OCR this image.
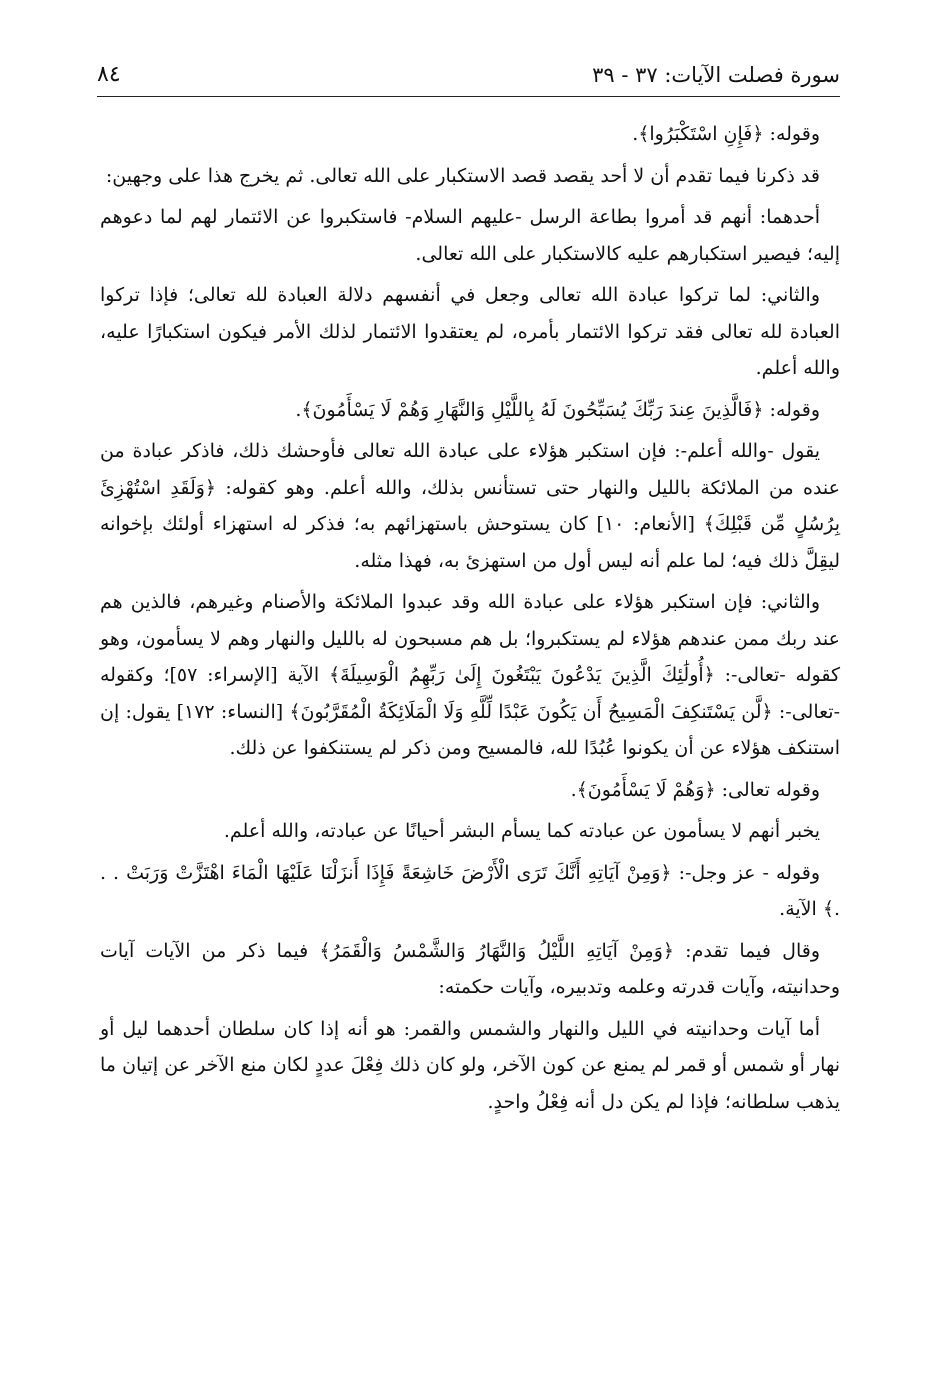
سورة فصلت الآيات: ٣٧ - ٣٩
٨٤

وقوله: ﴿فَإِنِ اسْتَكْبَرُوا﴾.

قد ذكرنا فيما تقدم أن لا أحد يقصد قصد الاستكبار على الله تعالى. ثم يخرج هذا على وجهين:

أحدهما: أنهم قد أمروا بطاعة الرسل -عليهم السلام- فاستكبروا عن الائتمار لهم لما دعوهم إليه؛ فيصير استكبارهم عليه كالاستكبار على الله تعالى.

والثاني: لما تركوا عبادة الله تعالى وجعل في أنفسهم دلالة العبادة لله تعالى؛ فإذا تركوا العبادة لله تعالى فقد تركوا الائتمار بأمره، لم يعتقدوا الائتمار لذلك الأمر فيكون استكبارًا عليه، والله أعلم.

وقوله: ﴿فَالَّذِينَ عِندَ رَبِّكَ يُسَبِّحُونَ لَهُ بِاللَّيْلِ وَالنَّهَارِ وَهُمْ لَا يَسْأَمُونَ﴾.

يقول -والله أعلم-: فإن استكبر هؤلاء على عبادة الله تعالى فأوحشك ذلك، فاذكر عبادة من عنده من الملائكة بالليل والنهار حتى تستأنس بذلك، والله أعلم. وهو كقوله: ﴿وَلَقَدِ اسْتُهْزِئَ بِرُسُلٍ مِّن قَبْلِكَ﴾ [الأنعام: ١٠] كان يستوحش باستهزائهم به؛ فذكر له استهزاء أولئك بإخوانه ليقِلَّ ذلك فيه؛ لما علم أنه ليس أول من استهزئ به، فهذا مثله.

والثاني: فإن استكبر هؤلاء على عبادة الله وقد عبدوا الملائكة والأصنام وغيرهم، فالذين هم عند ربك ممن عندهم هؤلاء لم يستكبروا؛ بل هم مسبحون له بالليل والنهار وهم لا يسأمون، وهو كقوله -تعالى-: ﴿أُولَٰئِكَ الَّذِينَ يَدْعُونَ يَبْتَغُونَ إِلَىٰ رَبِّهِمُ الْوَسِيلَةَ﴾ الآية [الإسراء: ٥٧]؛ وكقوله -تعالى-: ﴿لَّن يَسْتَنكِفَ الْمَسِيحُ أَن يَكُونَ عَبْدًا لِّلَّهِ وَلَا الْمَلَائِكَةُ الْمُقَرَّبُونَ﴾ [النساء: ١٧٢] يقول: إن استنكف هؤلاء عن أن يكونوا عُبُدًا لله، فالمسيح ومن ذكر لم يستنكفوا عن ذلك.

وقوله تعالى: ﴿وَهُمْ لَا يَسْأَمُونَ﴾.

يخبر أنهم لا يسأمون عن عبادته كما يسأم البشر أحيانًا عن عبادته، والله أعلم.

وقوله - عز وجل-: ﴿وَمِنْ آيَاتِهِ أَنَّكَ تَرَى الْأَرْضَ خَاشِعَةً فَإِذَا أَنزَلْنَا عَلَيْهَا الْمَاءَ اهْتَزَّتْ وَرَبَتْ . . .﴾ الآية.

وقال فيما تقدم: ﴿وَمِنْ آيَاتِهِ اللَّيْلُ وَالنَّهَارُ وَالشَّمْسُ وَالْقَمَرُ﴾ فيما ذكر من الآيات آيات وحدانيته، وآيات قدرته وعلمه وتدبيره، وآيات حكمته:

أما آيات وحدانيته في الليل والنهار والشمس والقمر: هو أنه إذا كان سلطان أحدهما ليل أو نهار أو شمس أو قمر لم يمنع عن كون الآخر، ولو كان ذلك فِعْلَ عددٍ لكان منع الآخر عن إتيان ما يذهب سلطانه؛ فإذا لم يكن دل أنه فِعْلُ واحدٍ.
